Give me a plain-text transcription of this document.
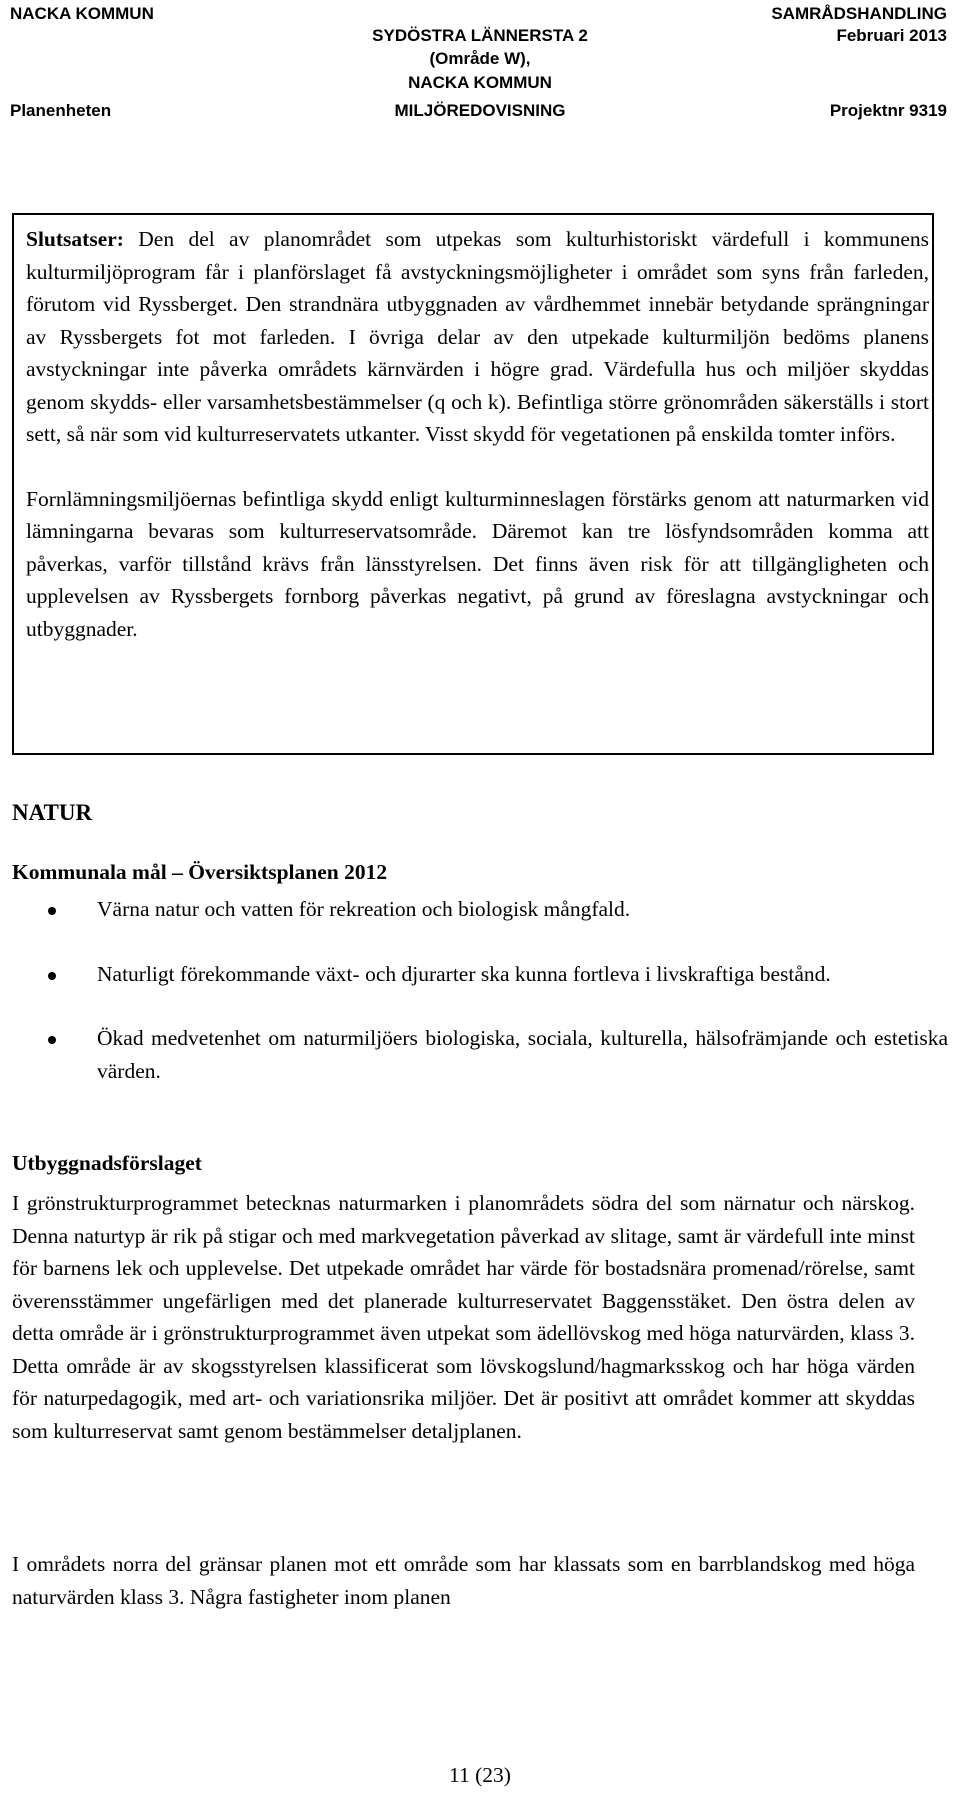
NACKA KOMMUN	SAMRÅDSHANDLING
SYDÖSTRA LÄNNERSTA 2	Februari 2013
(Område W),
NACKA KOMMUN
Planenheten	MILJÖREDOVISNING	Projektnr 9319

Slutsatser: Den del av planområdet som utpekas som kulturhistoriskt värdefull i kommunens kulturmiljöprogram får i planförslaget få avstyckningsmöjligheter i området som syns från farleden, förutom vid Ryssberget. Den strandnära utbyggnaden av vårdhemmet innebär betydande sprängningar av Ryssbergets fot mot farleden. I övriga delar av den utpekade kulturmiljön bedöms planens avstyckningar inte påverka områdets kärnvärden i högre grad. Värdefulla hus och miljöer skyddas genom skydds- eller varsamhetsbestämmelser (q och k). Befintliga större grönområden säkerställs i stort sett, så när som vid kulturreservatets utkanter. Visst skydd för vegetationen på enskilda tomter införs.

Fornlämningsmiljöernas befintliga skydd enligt kulturminneslagen förstärks genom att naturmarken vid lämningarna bevaras som kulturreservatsområde. Däremot kan tre lösfyndsområden komma att påverkas, varför tillstånd krävs från länsstyrelsen. Det finns även risk för att tillgängligheten och upplevelsen av Ryssbergets fornborg påverkas negativt, på grund av föreslagna avstyckningar och utbyggnader.

NATUR
Kommunala mål – Översiktsplanen 2012
Värna natur och vatten för rekreation och biologisk mångfald.
Naturligt förekommande växt- och djurarter ska kunna fortleva i livskraftiga bestånd.
Ökad medvetenhet om naturmiljöers biologiska, sociala, kulturella, hälsofrämjande och estetiska värden.
Utbyggnadsförslaget

I grönstrukturprogrammet betecknas naturmarken i planområdets södra del som närnatur och närskog. Denna naturtyp är rik på stigar och med markvegetation påverkad av slitage, samt är värdefull inte minst för barnens lek och upplevelse. Det utpekade området har värde för bostadsnära promenad/rörelse, samt överensstämmer ungefärligen med det planerade kulturreservatet Baggensstäket. Den östra delen av detta område är i grönstrukturprogrammet även utpekat som ädellövskog med höga naturvärden, klass 3. Detta område är av skogsstyrelsen klassificerat som lövskogslund/hagmarksskog och har höga värden för naturpedagogik, med art- och variationsrika miljöer. Det är positivt att området kommer att skyddas som kulturreservat samt genom bestämmelser detaljplanen.

I områdets norra del gränsar planen mot ett område som har klassats som en barrblandskog med höga naturvärden klass 3. Några fastigheter inom planen

11 (23)
